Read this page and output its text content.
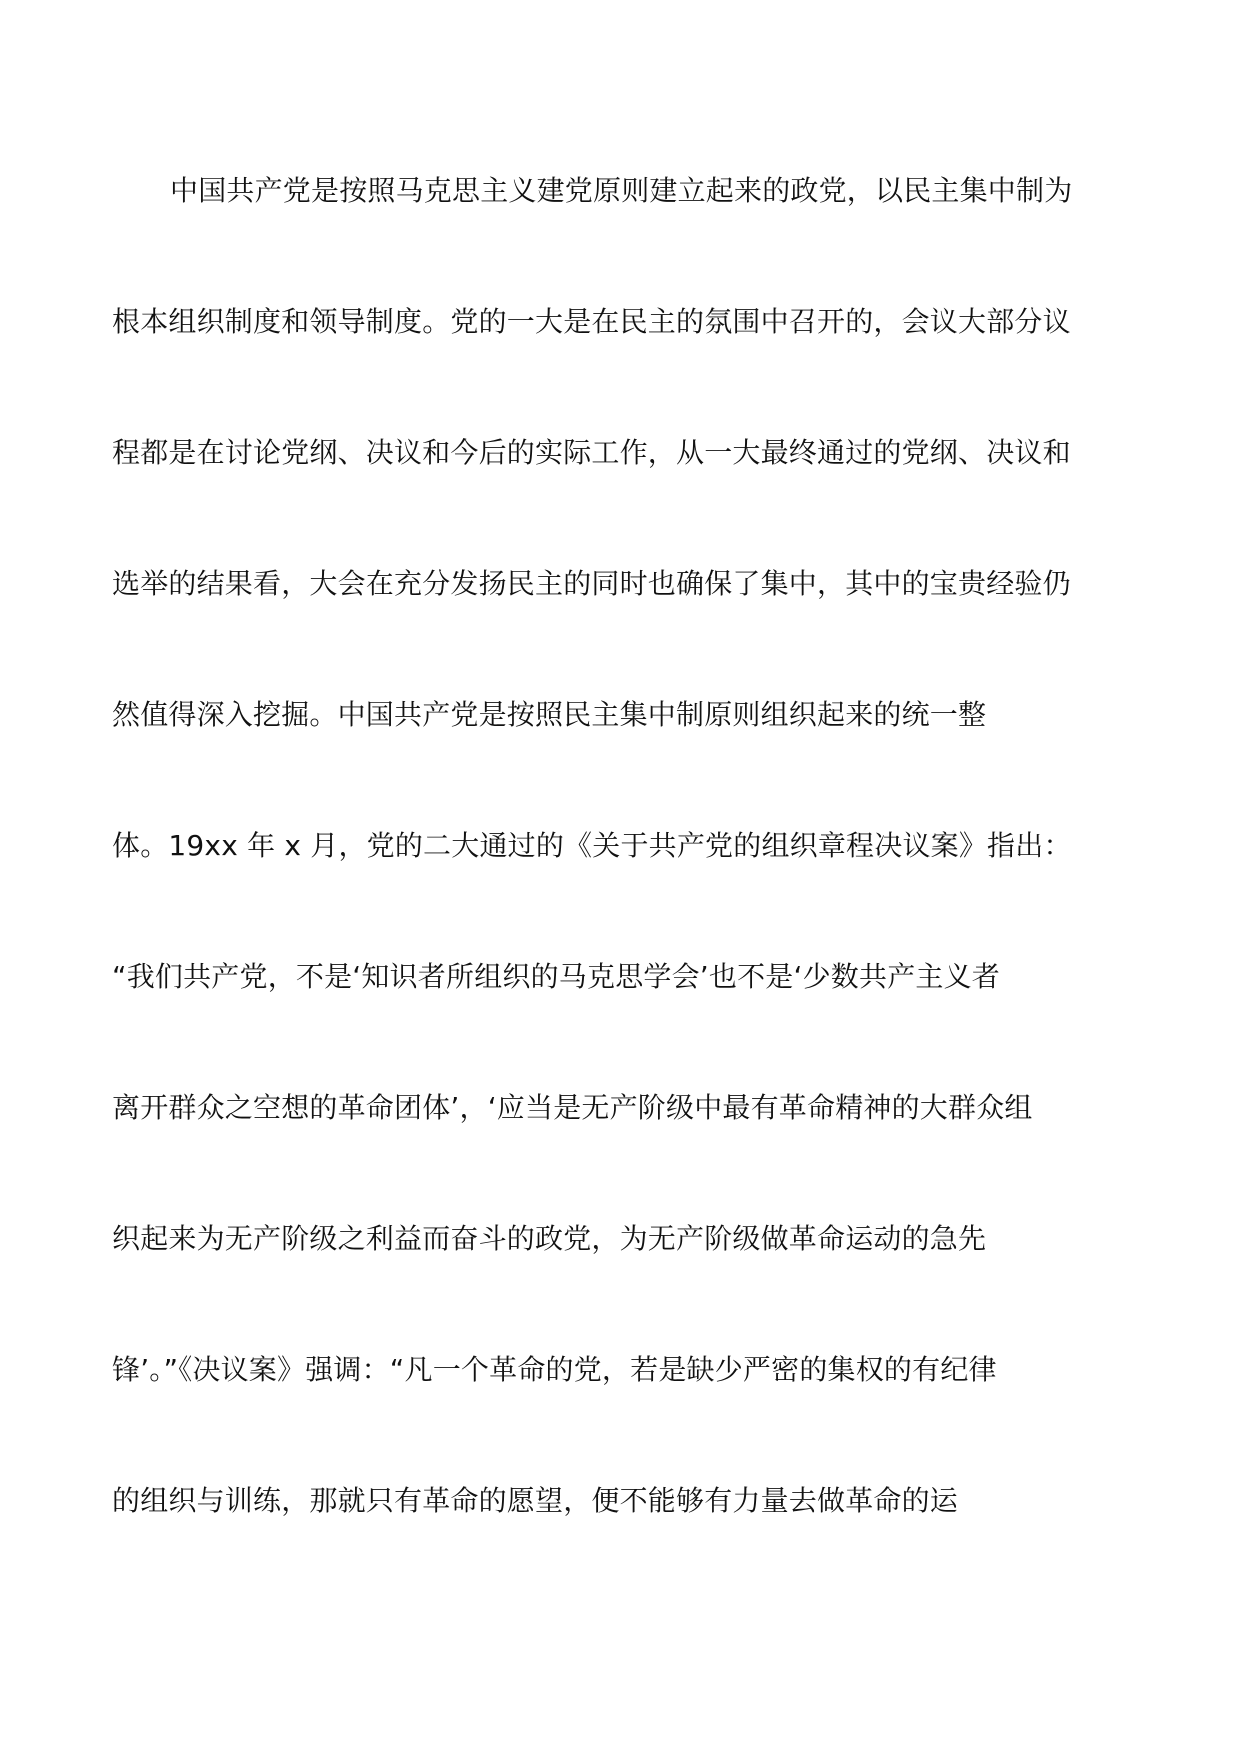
中国共产党是按照马克思主义建党原则建立起来的政党，以民主集中制为
根本组织制度和领导制度。党的一大是在民主的氛围中召开的，会议大部分议
程都是在讨论党纲、决议和今后的实际工作，从一大最终通过的党纲、决议和
选举的结果看，大会在充分发扬民主的同时也确保了集中，其中的宝贵经验仍
然值得深入挖掘。中国共产党是按照民主集中制原则组织起来的统一整
体。19xx 年 x 月，党的二大通过的《关于共产党的组织章程决议案》指出：
“我们共产党，不是‘知识者所组织的马克思学会’也不是‘少数共产主义者
离开群众之空想的革命团体’，‘应当是无产阶级中最有革命精神的大群众组
织起来为无产阶级之利益而奋斗的政党，为无产阶级做革命运动的急先
锋’。”《决议案》强调：“凡一个革命的党，若是缺少严密的集权的有纪律
的组织与训练，那就只有革命的愿望，便不能够有力量去做革命的运
